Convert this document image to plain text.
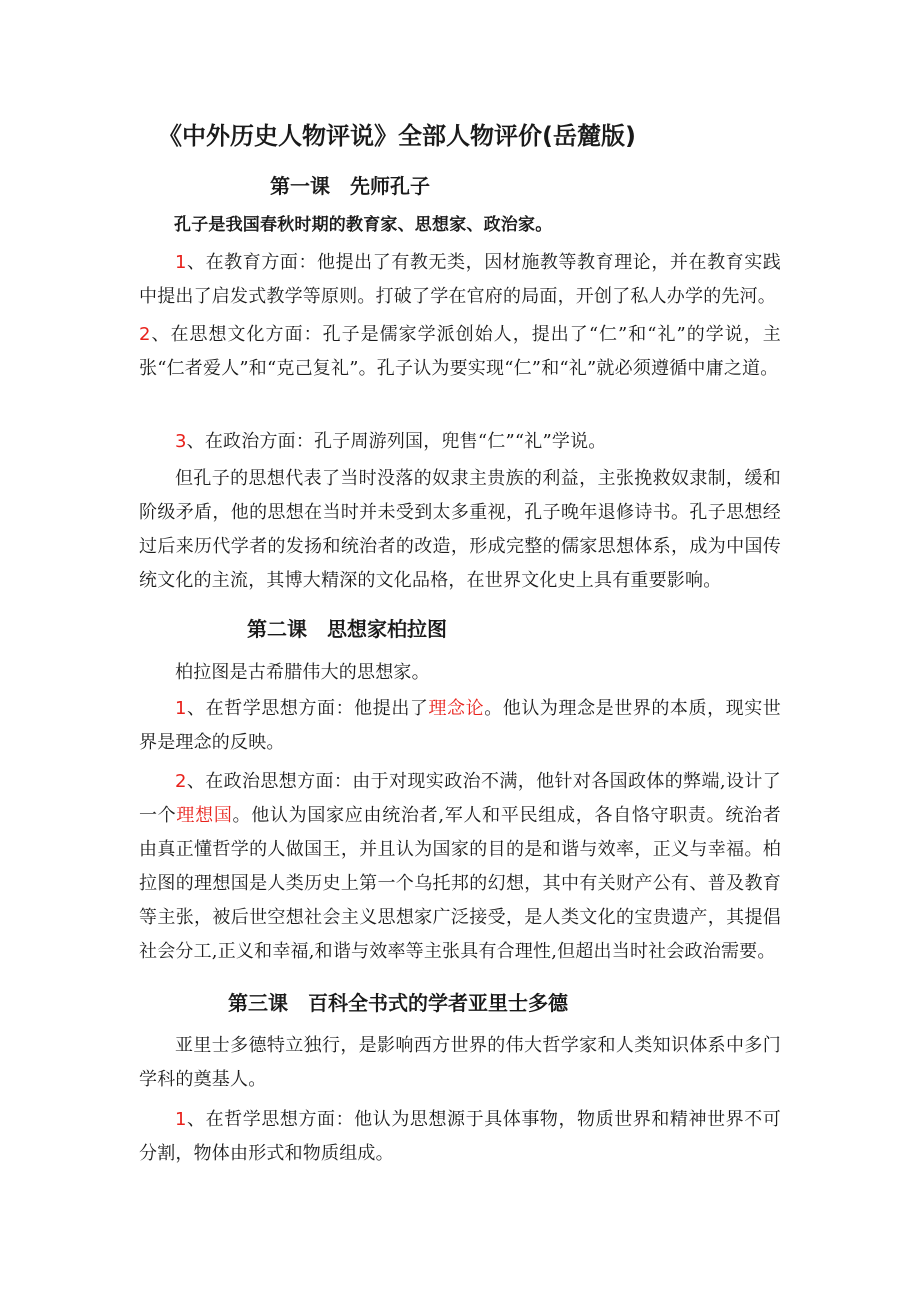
《中外历史人物评说》全部人物评价(岳麓版)
第一课　先师孔子

孔子是我国春秋时期的教育家、思想家、政治家。

1、在教育方面：他提出了有教无类，因材施教等教育理论，并在教育实践中提出了启发式教学等原则。打破了学在官府的局面，开创了私人办学的先河。

2、在思想文化方面：孔子是儒家学派创始人，提出了“仁”和“礼”的学说，主张“仁者爱人”和“克己复礼”。孔子认为要实现“仁”和“礼”就必须遵循中庸之道。

3、在政治方面：孔子周游列国，兜售“仁”“礼”学说。

但孔子的思想代表了当时没落的奴隶主贵族的利益，主张挽救奴隶制，缓和阶级矛盾，他的思想在当时并未受到太多重视，孔子晚年退修诗书。孔子思想经过后来历代学者的发扬和统治者的改造，形成完整的儒家思想体系，成为中国传统文化的主流，其博大精深的文化品格，在世界文化史上具有重要影响。

第二课　思想家柏拉图

柏拉图是古希腊伟大的思想家。

1、在哲学思想方面：他提出了理念论。他认为理念是世界的本质，现实世界是理念的反映。

2、在政治思想方面：由于对现实政治不满，他针对各国政体的弊端,设计了一个理想国。他认为国家应由统治者,军人和平民组成，各自恪守职责。统治者由真正懂哲学的人做国王，并且认为国家的目的是和谐与效率，正义与幸福。柏拉图的理想国是人类历史上第一个乌托邦的幻想，其中有关财产公有、普及教育等主张，被后世空想社会主义思想家广泛接受，是人类文化的宝贵遗产，其提倡社会分工,正义和幸福,和谐与效率等主张具有合理性,但超出当时社会政治需要。

第三课　百科全书式的学者亚里士多德

亚里士多德特立独行，是影响西方世界的伟大哲学家和人类知识体系中多门学科的奠基人。

1、在哲学思想方面：他认为思想源于具体事物，物质世界和精神世界不可分割，物体由形式和物质组成。
